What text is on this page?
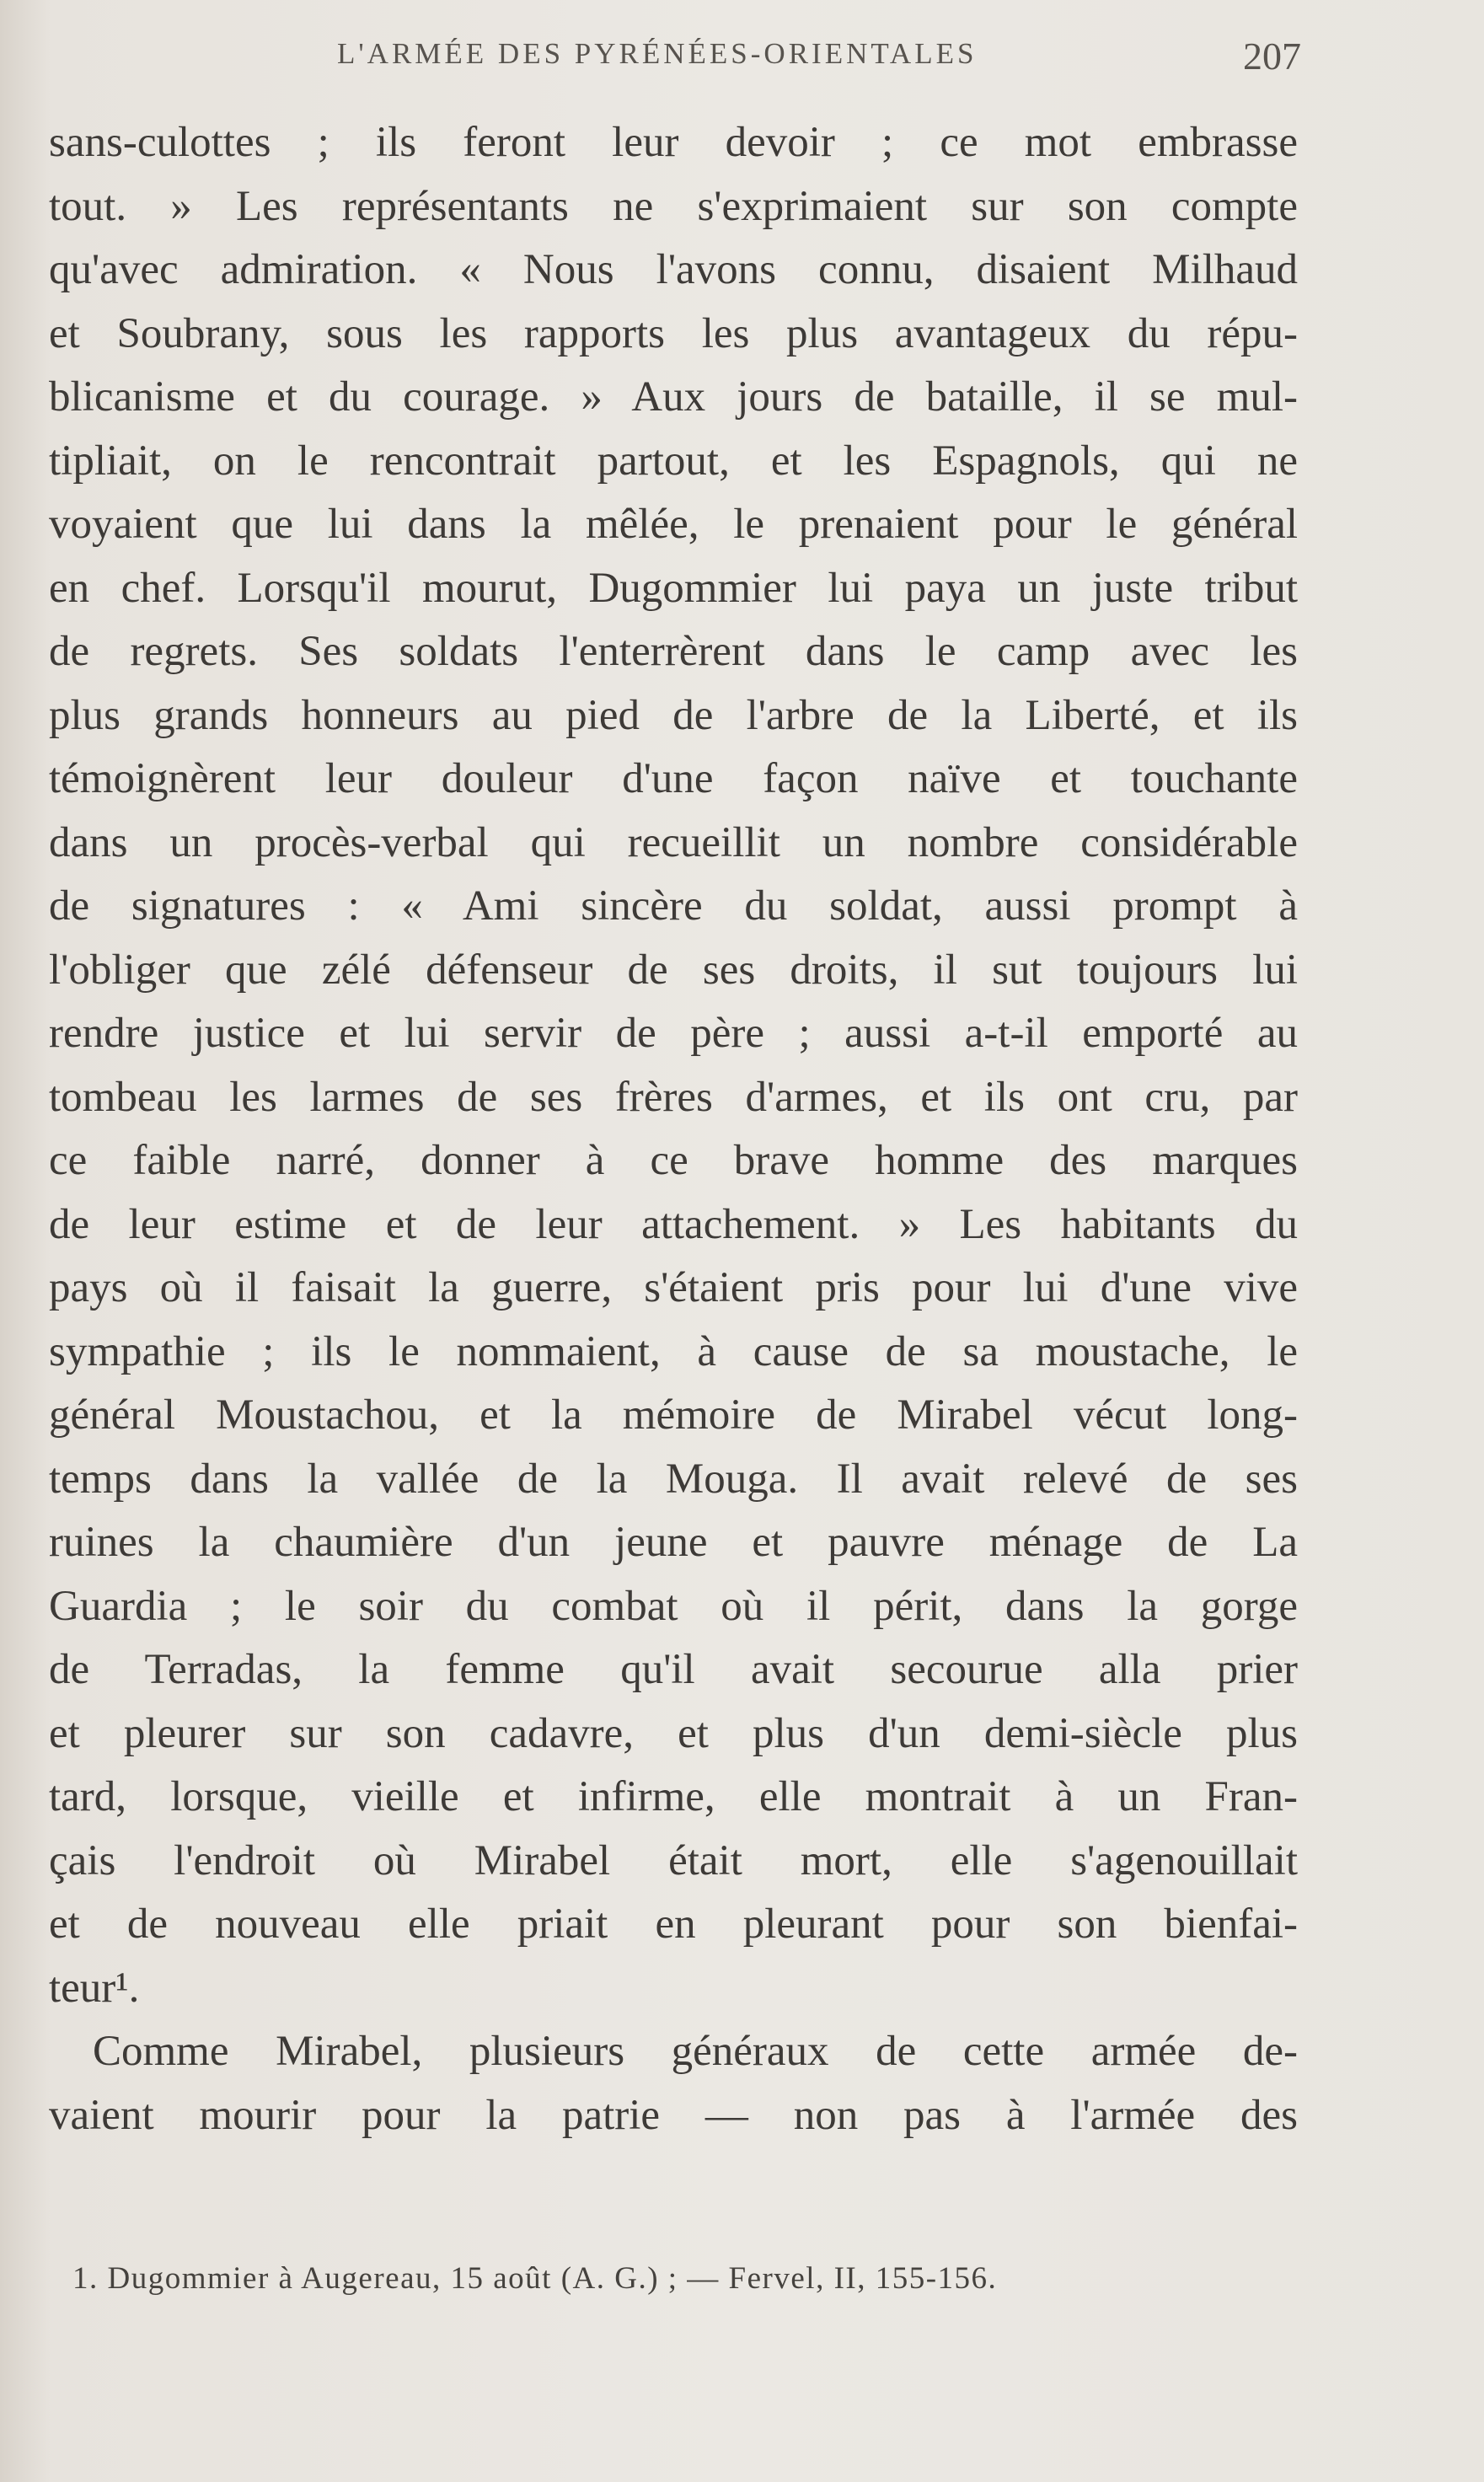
L'ARMÉE DES PYRÉNÉES-ORIENTALES	207
sans-culottes ; ils feront leur devoir ; ce mot embrasse
tout. » Les représentants ne s'exprimaient sur son compte
qu'avec admiration. « Nous l'avons connu, disaient Milhaud
et Soubrany, sous les rapports les plus avantageux du répu-
blicanisme et du courage. » Aux jours de bataille, il se mul-
tipliait, on le rencontrait partout, et les Espagnols, qui ne
voyaient que lui dans la mêlée, le prenaient pour le général
en chef. Lorsqu'il mourut, Dugommier lui paya un juste tribut
de regrets. Ses soldats l'enterrèrent dans le camp avec les
plus grands honneurs au pied de l'arbre de la Liberté, et ils
témoignèrent leur douleur d'une façon naïve et touchante
dans un procès-verbal qui recueillit un nombre considérable
de signatures : « Ami sincère du soldat, aussi prompt à
l'obliger que zélé défenseur de ses droits, il sut toujours lui
rendre justice et lui servir de père ; aussi a-t-il emporté au
tombeau les larmes de ses frères d'armes, et ils ont cru, par
ce faible narré, donner à ce brave homme des marques
de leur estime et de leur attachement. » Les habitants du
pays où il faisait la guerre, s'étaient pris pour lui d'une vive
sympathie ; ils le nommaient, à cause de sa moustache, le
général Moustachou, et la mémoire de Mirabel vécut long-
temps dans la vallée de la Mouga. Il avait relevé de ses
ruines la chaumière d'un jeune et pauvre ménage de La
Guardia ; le soir du combat où il périt, dans la gorge
de Terradas, la femme qu'il avait secourue alla prier
et pleurer sur son cadavre, et plus d'un demi-siècle plus
tard, lorsque, vieille et infirme, elle montrait à un Fran-
çais l'endroit où Mirabel était mort, elle s'agenouillait
et de nouveau elle priait en pleurant pour son bienfai-
teur¹.
Comme Mirabel, plusieurs généraux de cette armée de-
vaient mourir pour la patrie — non pas à l'armée des
1. Dugommier à Augereau, 15 août (A. G.) ; — Fervel, II, 155-156.
